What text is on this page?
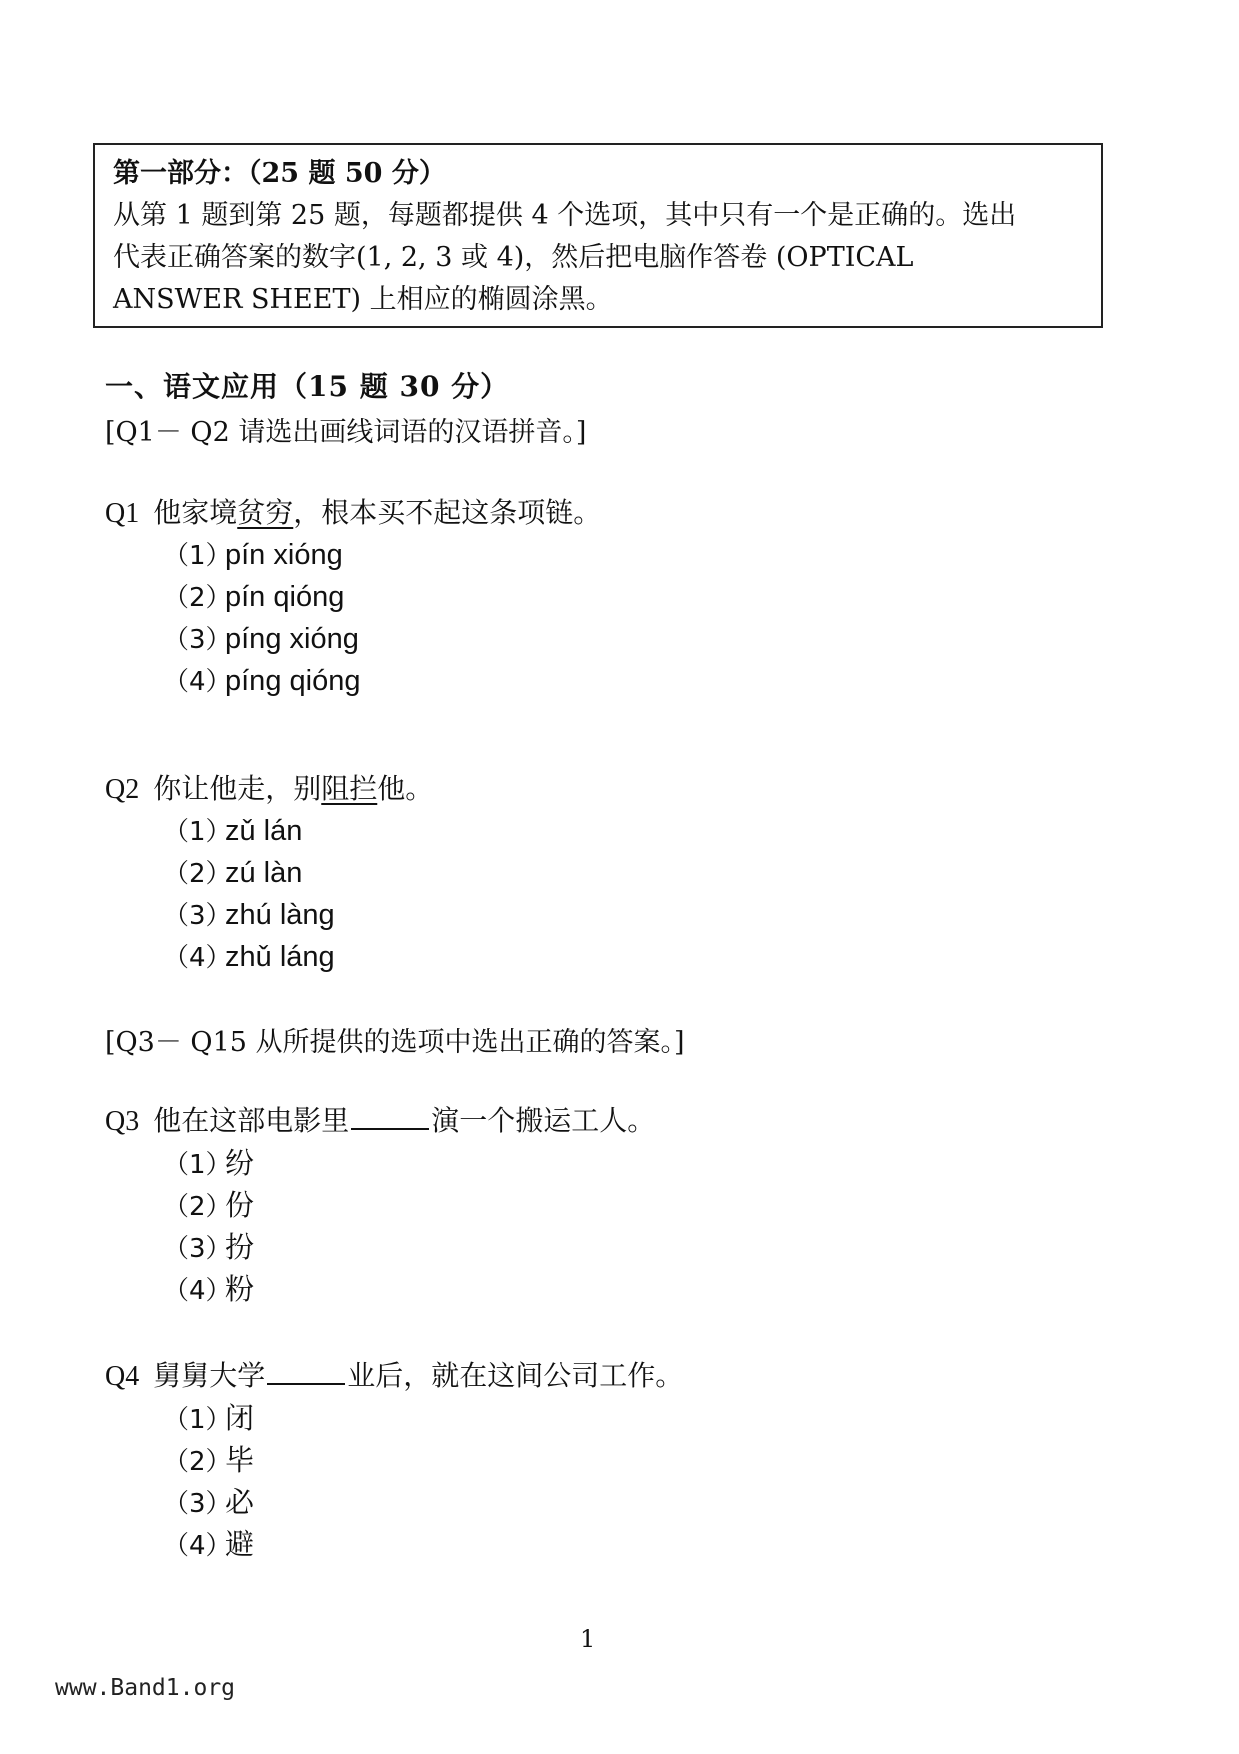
第一部分：（25 题 50 分）

从第 1 题到第 25 题，每题都提供 4 个选项，其中只有一个是正确的。选出

代表正确答案的数字(1, 2, 3 或 4)，然后把电脑作答卷 (OPTICAL

ANSWER SHEET) 上相应的椭圆涂黑。

一、语文应用（15 题 30 分）
[Q1－ Q2 请选出画线词语的汉语拼音。]
Q1 他家境贫穷，根本买不起这条项链。
（1）pín xióng
（2）pín qióng
（3）píng xióng
（4）píng qióng
Q2 你让他走，别阻拦他。
（1）zǔ lán
（2）zú làn
（3）zhú làng
（4）zhǔ láng
[Q3－ Q15 从所提供的选项中选出正确的答案。]
Q3 他在这部电影里	演一个搬运工人。
（1）纷
（2）份
（3）扮
（4）粉
Q4 舅舅大学	业后，就在这间公司工作。
（1）闭
（2）毕
（3）必
（4）避
1
www.Band1.org
